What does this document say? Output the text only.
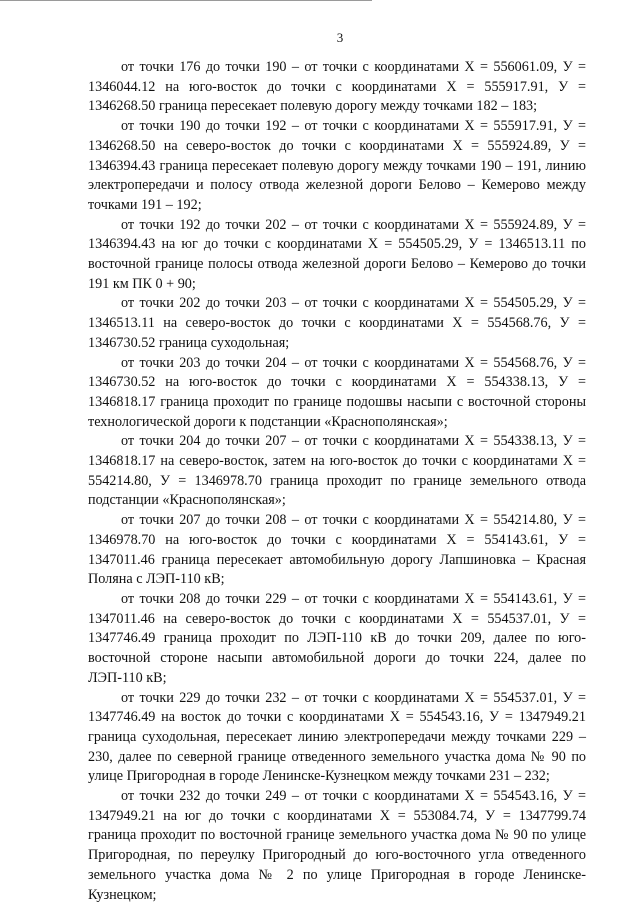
3

от точки 176 до точки 190 – от точки с координатами X = 556061.09, У = 1346044.12 на юго-восток до точки с координатами X = 555917.91, У = 1346268.50 граница пересекает полевую дорогу между точками 182 – 183;

от точки 190 до точки 192 – от точки с координатами X = 555917.91, У = 1346268.50 на северо-восток до точки с координатами X = 555924.89, У = 1346394.43 граница пересекает полевую дорогу между точками 190 – 191, линию электропередачи и полосу отвода железной дороги Белово – Кемерово между точками 191 – 192;

от точки 192 до точки 202 – от точки с координатами X = 555924.89, У = 1346394.43 на юг до точки с координатами X = 554505.29, У = 1346513.11 по восточной границе полосы отвода железной дороги Белово – Кемерово до точки 191 км ПК 0 + 90;

от точки 202 до точки 203 – от точки с координатами X = 554505.29, У = 1346513.11 на северо-восток до точки с координатами X = 554568.76, У = 1346730.52 граница суходольная;

от точки 203 до точки 204 – от точки с координатами X = 554568.76, У = 1346730.52 на юго-восток до точки с координатами X = 554338.13, У = 1346818.17 граница проходит по границе подошвы насыпи с восточной стороны технологической дороги к подстанции «Краснополянская»;

от точки 204 до точки 207 – от точки с координатами X = 554338.13, У = 1346818.17 на северо-восток, затем на юго-восток до точки с координатами X = 554214.80, У = 1346978.70 граница проходит по границе земельного отвода подстанции «Краснополянская»;

от точки 207 до точки 208 – от точки с координатами X = 554214.80, У = 1346978.70 на юго-восток до точки с координатами X = 554143.61, У = 1347011.46 граница пересекает автомобильную дорогу Лапшиновка – Красная Поляна с ЛЭП-110 кВ;

от точки 208 до точки 229 – от точки с координатами X = 554143.61, У = 1347011.46 на северо-восток до точки с координатами X = 554537.01, У = 1347746.49 граница проходит по ЛЭП-110 кВ до точки 209, далее по юго-восточной стороне насыпи автомобильной дороги до точки 224, далее по ЛЭП-110 кВ;

от точки 229 до точки 232 – от точки с координатами X = 554537.01, У = 1347746.49 на восток до точки с координатами X = 554543.16, У = 1347949.21 граница суходольная, пересекает линию электропередачи между точками 229 – 230, далее по северной границе отведенного земельного участка дома № 90 по улице Пригородная в городе Ленинске-Кузнецком между точками 231 – 232;

от точки 232 до точки 249 – от точки с координатами X = 554543.16, У = 1347949.21 на юг до точки с координатами X = 553084.74, У = 1347799.74 граница проходит по восточной границе земельного участка дома № 90 по улице Пригородная, по переулку Пригородный до юго-восточного угла отведенного земельного участка дома № 2 по улице Пригородная в городе Ленинске-Кузнецком;
